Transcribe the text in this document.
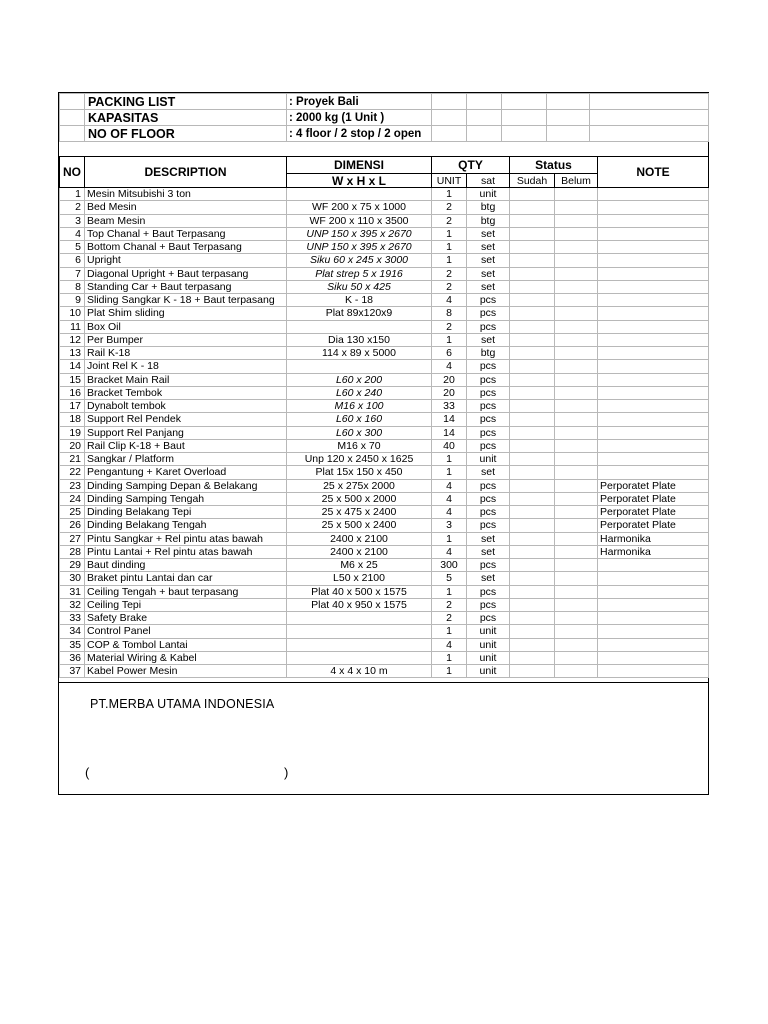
	PACKING LIST	: Proyek Bali					
	KAPASITAS	: 2000 kg (1 Unit )					
	NO OF FLOOR	: 4 floor / 2 stop / 2 open					
NO	DESCRIPTION	DIMENSI	QTY		Status		NOTE
		W x H x L	UNIT	sat	Sudah	Belum	
1	Mesin Mitsubishi 3 ton		1	unit			
2	Bed Mesin	WF 200 x 75 x 1000	2	btg			
3	Beam Mesin	WF 200 x 110 x 3500	2	btg			
4	Top Chanal + Baut Terpasang	UNP 150 x 395 x 2670	1	set			
5	Bottom Chanal + Baut Terpasang	UNP 150 x 395 x 2670	1	set			
6	Upright	Siku 60 x 245 x 3000	1	set			
7	Diagonal Upright + Baut terpasang	Plat strep 5 x 1916	2	set			
8	Standing Car + Baut terpasang	Siku 50 x 425	2	set			
9	Sliding Sangkar K - 18 + Baut terpasang	K - 18	4	pcs			
10	Plat Shim sliding	Plat 89x120x9	8	pcs			
11	Box Oil		2	pcs			
12	Per Bumper	Dia 130 x150	1	set			
13	Rail K-18	114 x 89 x 5000	6	btg			
14	Joint Rel K - 18		4	pcs			
15	Bracket Main Rail	L60 x 200	20	pcs			
16	Bracket Tembok	L60 x 240	20	pcs			
17	Dynabolt tembok	M16 x 100	33	pcs			
18	Support Rel Pendek	L60 x 160	14	pcs			
19	Support Rel Panjang	L60 x 300	14	pcs			
20	Rail Clip K-18 + Baut	M16 x 70	40	pcs			
21	Sangkar / Platform	Unp 120 x 2450 x 1625	1	unit			
22	Pengantung + Karet Overload	Plat 15x 150 x 450	1	set			
23	Dinding Samping Depan & Belakang	25 x 275x 2000	4	pcs			Perporatet Plate
24	Dinding Samping Tengah	25 x 500 x 2000	4	pcs			Perporatet Plate
25	Dinding Belakang Tepi	25 x 475 x 2400	4	pcs			Perporatet Plate
26	Dinding Belakang Tengah	25 x 500 x 2400	3	pcs			Perporatet Plate
27	Pintu Sangkar + Rel pintu atas bawah	2400 x 2100	1	set			Harmonika
28	Pintu Lantai + Rel pintu atas bawah	2400 x 2100	4	set			Harmonika
29	Baut dinding	M6 x 25	300	pcs			
30	Braket pintu Lantai dan car	L50 x 2100	5	set			
31	Ceiling Tengah + baut terpasang	Plat 40 x 500 x 1575	1	pcs			
32	Ceiling Tepi	Plat 40 x 950 x 1575	2	pcs			
33	Safety Brake		2	pcs			
34	Control Panel		1	unit			
35	COP & Tombol Lantai		4	unit			
36	Material Wiring & Kabel		1	unit			
37	Kabel Power Mesin	4 x 4 x 10 m	1	unit			
PT.MERBA UTAMA INDONESIA
(	)
